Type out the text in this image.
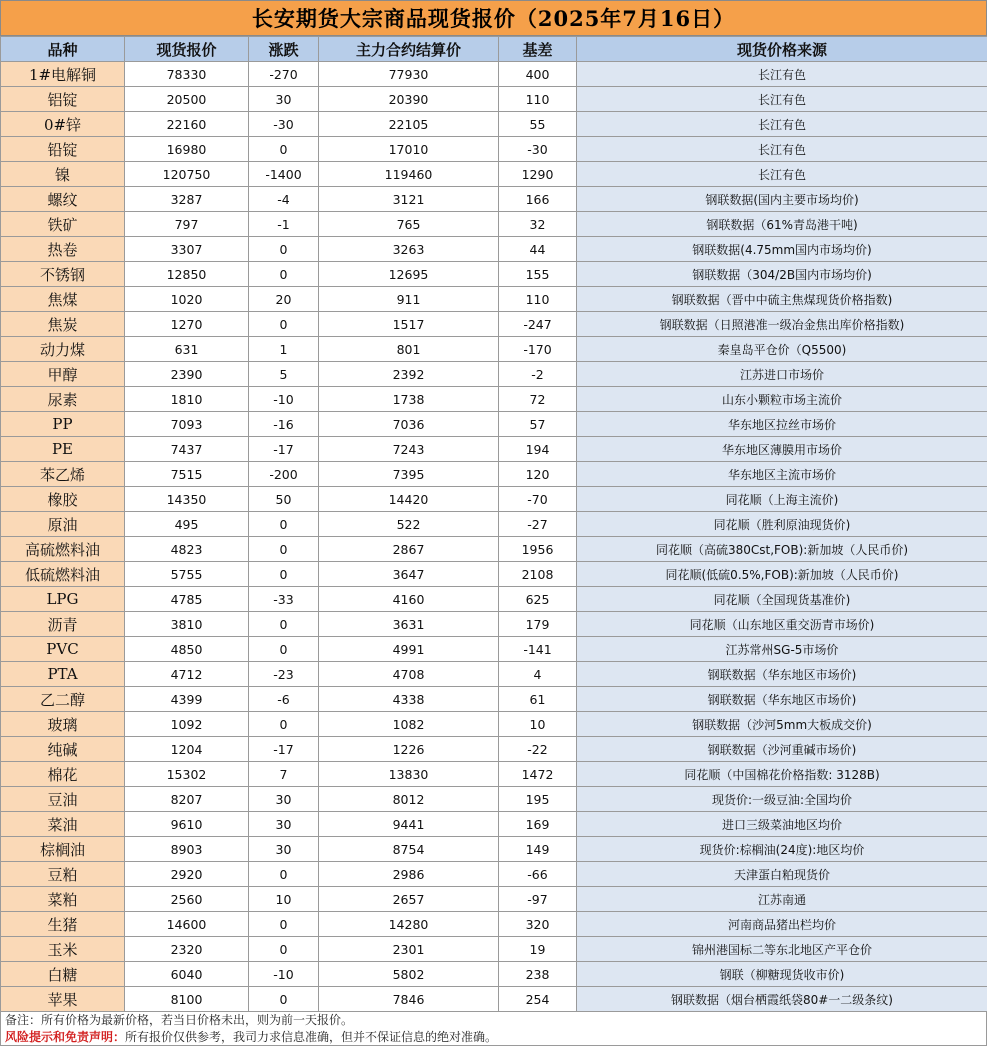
长安期货大宗商品现货报价（2025年7月16日）
品种	现货报价	涨跌	主力合约结算价	基差	现货价格来源
1#电解铜	78330	-270	77930	400	长江有色
铝锭	20500	30	20390	110	长江有色
0#锌	22160	-30	22105	55	长江有色
铅锭	16980	0	17010	-30	长江有色
镍	120750	-1400	119460	1290	长江有色
螺纹	3287	-4	3121	166	钢联数据(国内主要市场均价)
铁矿	797	-1	765	32	钢联数据（61%青岛港干吨)
热卷	3307	0	3263	44	钢联数据(4.75mm国内市场均价)
不锈钢	12850	0	12695	155	钢联数据（304/2B国内市场均价)
焦煤	1020	20	911	110	钢联数据（晋中中硫主焦煤现货价格指数)
焦炭	1270	0	1517	-247	钢联数据（日照港准一级冶金焦出库价格指数)
动力煤	631	1	801	-170	秦皇岛平仓价（Q5500)
甲醇	2390	5	2392	-2	江苏进口市场价
尿素	1810	-10	1738	72	山东小颗粒市场主流价
PP	7093	-16	7036	57	华东地区拉丝市场价
PE	7437	-17	7243	194	华东地区薄膜用市场价
苯乙烯	7515	-200	7395	120	华东地区主流市场价
橡胶	14350	50	14420	-70	同花顺（上海主流价)
原油	495	0	522	-27	同花顺（胜利原油现货价)
高硫燃料油	4823	0	2867	1956	同花顺（高硫380Cst,FOB):新加坡（人民币价)
低硫燃料油	5755	0	3647	2108	同花顺(低硫0.5%,FOB):新加坡（人民币价)
LPG	4785	-33	4160	625	同花顺（全国现货基准价)
沥青	3810	0	3631	179	同花顺（山东地区重交沥青市场价)
PVC	4850	0	4991	-141	江苏常州SG-5市场价
PTA	4712	-23	4708	4	钢联数据（华东地区市场价)
乙二醇	4399	-6	4338	61	钢联数据（华东地区市场价)
玻璃	1092	0	1082	10	钢联数据（沙河5mm大板成交价)
纯碱	1204	-17	1226	-22	钢联数据（沙河重碱市场价)
棉花	15302	7	13830	1472	同花顺（中国棉花价格指数: 3128B)
豆油	8207	30	8012	195	现货价:一级豆油:全国均价
菜油	9610	30	9441	169	进口三级菜油地区均价
棕榈油	8903	30	8754	149	现货价:棕榈油(24度):地区均价
豆粕	2920	0	2986	-66	天津蛋白粕现货价
菜粕	2560	10	2657	-97	江苏南通
生猪	14600	0	14280	320	河南商品猪出栏均价
玉米	2320	0	2301	19	锦州港国标二等东北地区产平仓价
白糖	6040	-10	5802	238	钢联（柳糖现货收市价)
苹果	8100	0	7846	254	钢联数据（烟台栖霞纸袋80#一二级条纹)
备注：所有价格为最新价格，若当日价格未出，则为前一天报价。
风险提示和免责声明：所有报价仅供参考，我司力求信息准确，但并不保证信息的绝对准确。
